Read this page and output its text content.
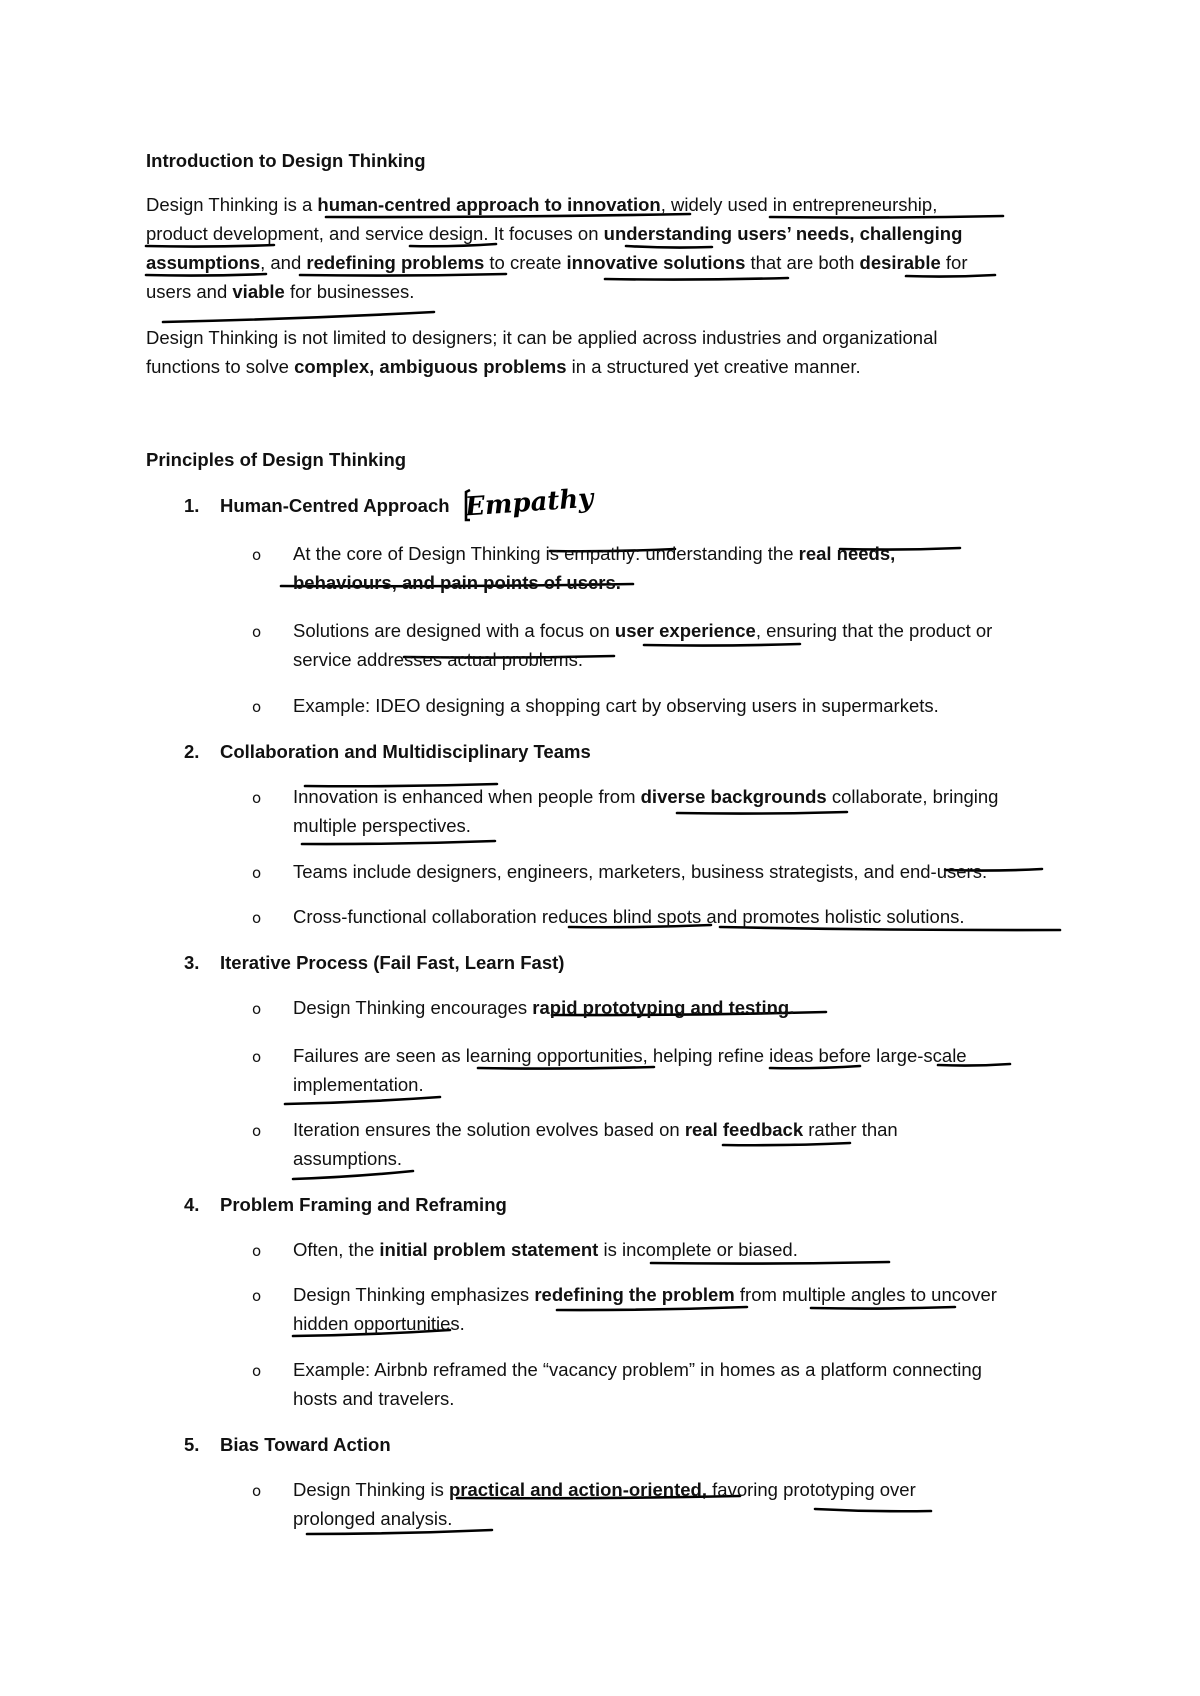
Introduction to Design Thinking
Design Thinking is a human-centred approach to innovation, widely used in entrepreneurship,
product development, and service design. It focuses on understanding users’ needs, challenging
assumptions, and redefining problems to create innovative solutions that are both desirable for
users and viable for businesses.
Design Thinking is not limited to designers; it can be applied across industries and organizational
functions to solve complex, ambiguous problems in a structured yet creative manner.
Principles of Design Thinking
1.	Human-Centred Approach
o At the core of Design Thinking is empathy: understanding the real needs,
behaviours, and pain points of users.
o Solutions are designed with a focus on user experience, ensuring that the product or
service addresses actual problems.
o Example: IDEO designing a shopping cart by observing users in supermarkets.
2.	Collaboration and Multidisciplinary Teams
o Innovation is enhanced when people from diverse backgrounds collaborate, bringing
multiple perspectives.
o Teams include designers, engineers, marketers, business strategists, and end-users.
o Cross-functional collaboration reduces blind spots and promotes holistic solutions.
3.	Iterative Process (Fail Fast, Learn Fast)
o Design Thinking encourages rapid prototyping and testing.
o Failures are seen as learning opportunities, helping refine ideas before large-scale
implementation.
o Iteration ensures the solution evolves based on real feedback rather than
assumptions.
4.	Problem Framing and Reframing
o Often, the initial problem statement is incomplete or biased.
o Design Thinking emphasizes redefining the problem from multiple angles to uncover
hidden opportunities.
o Example: Airbnb reframed the “vacancy problem” in homes as a platform connecting
hosts and travelers.
5.	Bias Toward Action
o Design Thinking is practical and action-oriented, favoring prototyping over
prolonged analysis.
Empathy
